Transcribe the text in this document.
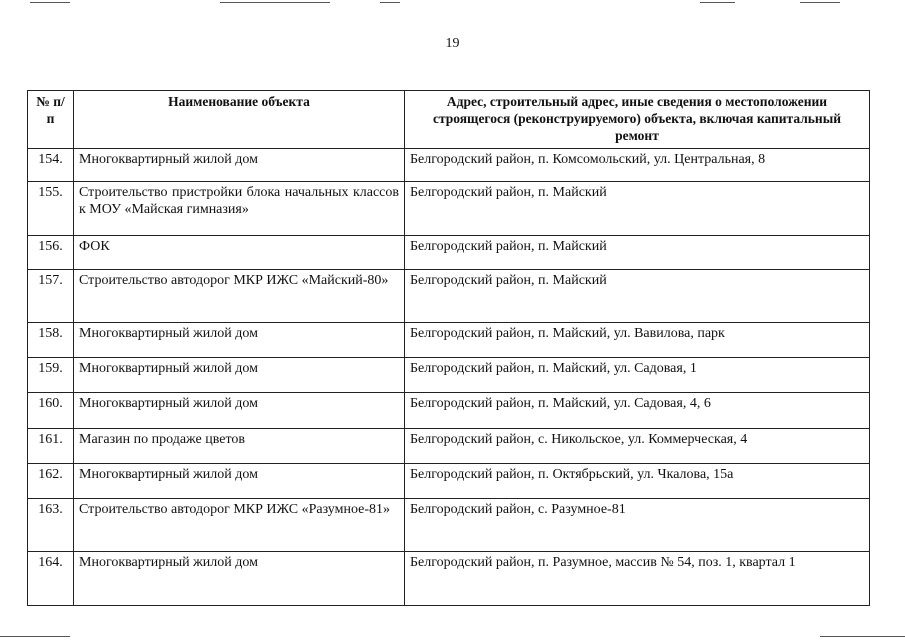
19
№ п/п	Наименование объекта	Адрес, строительный адрес, иные сведения о местоположении строящегося (реконструируемого) объекта, включая капитальный ремонт
154.	Многоквартирный жилой дом	Белгородский район, п. Комсомольский, ул. Центральная, 8
155.	Строительство пристройки блока начальных классов к МОУ «Майская гимназия»	Белгородский район, п. Майский
156.	ФОК	Белгородский район, п. Майский
157.	Строительство автодорог МКР ИЖС «Майский-80»	Белгородский район, п. Майский
158.	Многоквартирный жилой дом	Белгородский район, п. Майский, ул. Вавилова, парк
159.	Многоквартирный жилой дом	Белгородский район, п. Майский, ул. Садовая, 1
160.	Многоквартирный жилой дом	Белгородский район, п. Майский, ул. Садовая, 4, 6
161.	Магазин по продаже цветов	Белгородский район, с. Никольское, ул. Коммерческая, 4
162.	Многоквартирный жилой дом	Белгородский район, п. Октябрьский, ул. Чкалова, 15а
163.	Строительство автодорог МКР ИЖС «Разумное-81»	Белгородский район, с. Разумное-81
164.	Многоквартирный жилой дом	Белгородский район, п. Разумное, массив № 54, поз. 1, квартал 1
